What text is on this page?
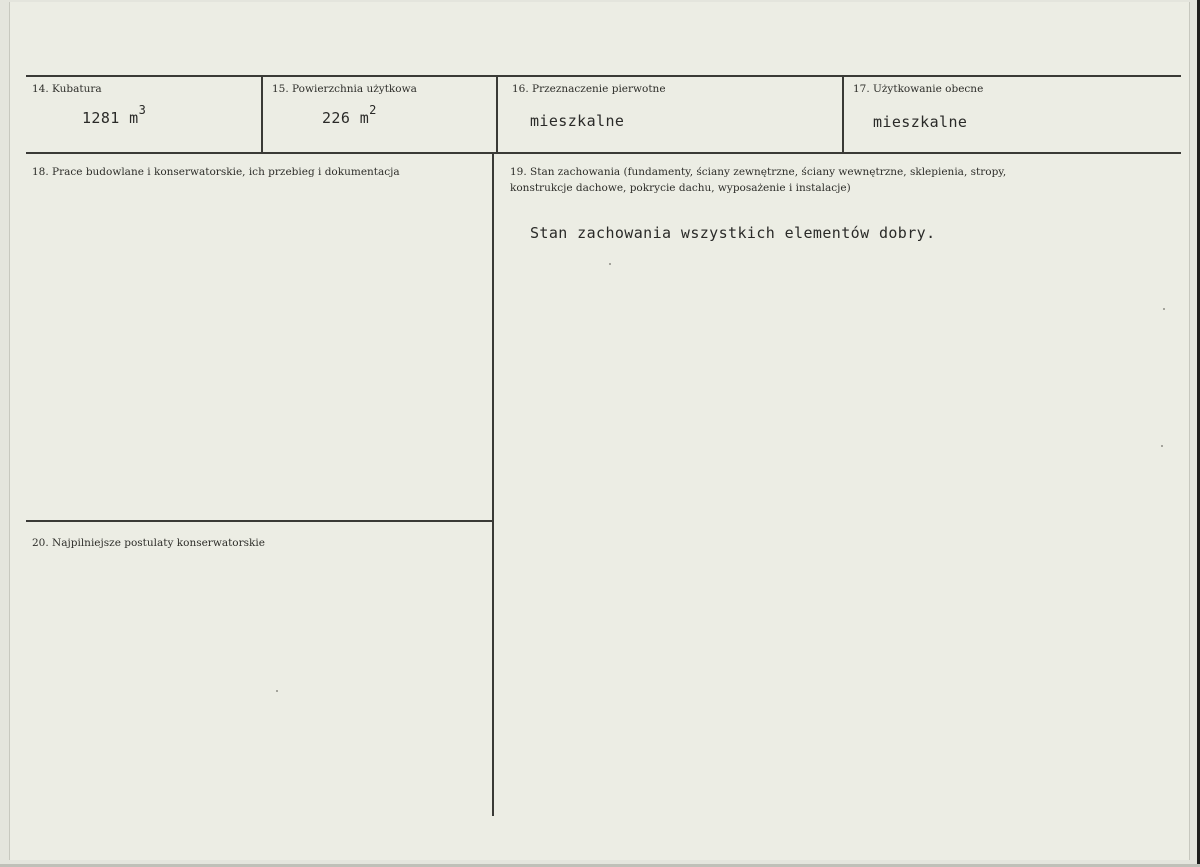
14. Kubatura
1281 $m^3$
15. Powierzchnia użytkowa
226 $m^2$
16. Przeznaczenie pierwotne
mieszkalne
17. Użytkowanie obecne
mieszkalne
18. Prace budowlane i konserwatorskie, ich przebieg i dokumentacja	19. Stan zachowania (fundamenty, ściany zewnętrzne, ściany wewnętrzne, sklepienia, stropy,
konstrukcje dachowe, pokrycie dachu, wyposażenie i instalacje)
Stan zachowania wszystkich elementów dobry.
20. Najpilniejsze postulaty konserwatorskie
